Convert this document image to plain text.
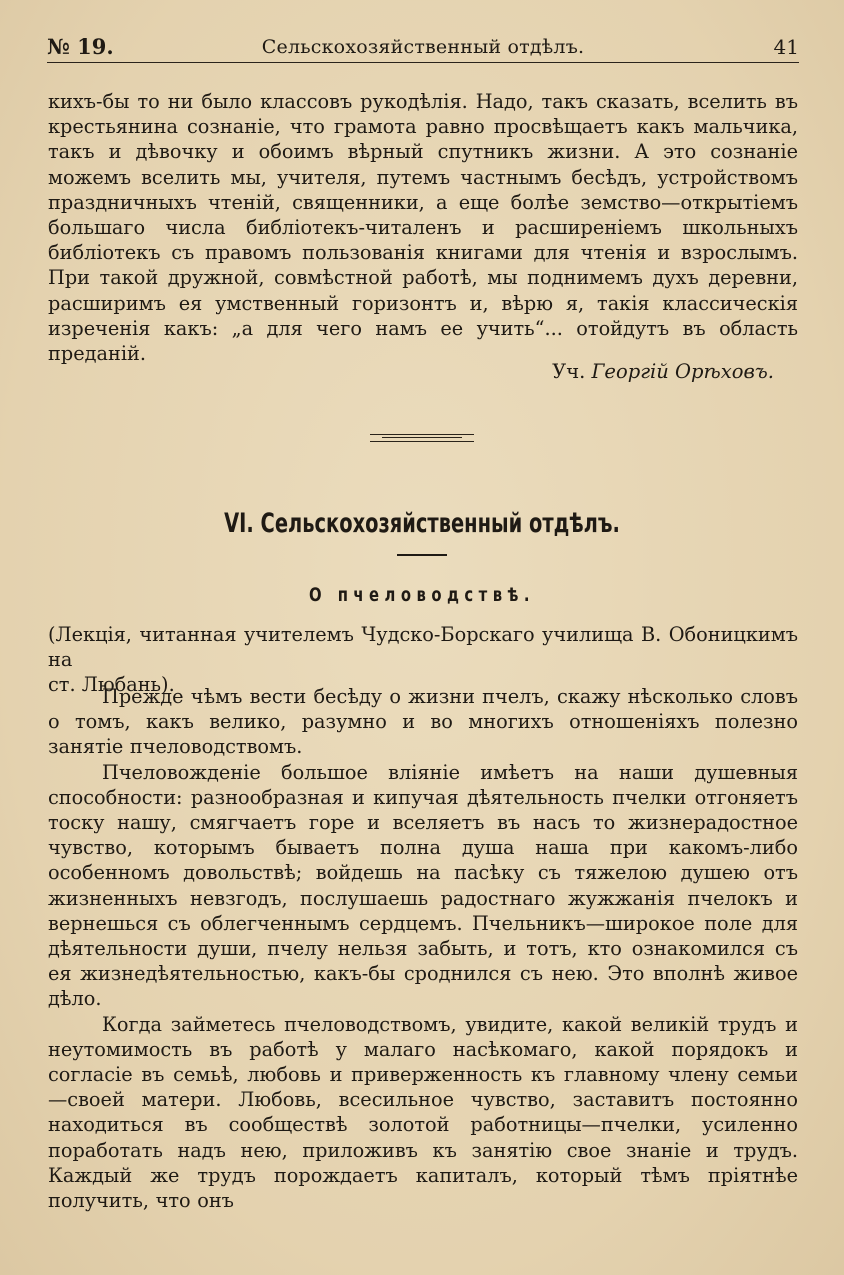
№ 19.	Сельскохозяйственный отдѣлъ.	41

кихъ-бы то ни было классовъ рукодѣлія. Надо, такъ сказать, вселить въ крестьянина сознаніе, что грамота равно просвѣщаетъ какъ мальчика, такъ и дѣвочку и обоимъ вѣрный спутникъ жизни. А это сознаніе можемъ вселить мы, учителя, путемъ частнымъ бесѣдъ, устройствомъ праздничныхъ чтеній, священники, а еще болѣе земство—открытіемъ большаго числа библіотекъ-читаленъ и расширеніемъ школьныхъ библіотекъ съ правомъ пользованія книгами для чтенія и взрослымъ. При такой дружной, совмѣстной работѣ, мы поднимемъ духъ деревни, расширимъ ея умственный горизонтъ и, вѣрю я, такія классическія изреченія какъ: „а для чего намъ ее учить“... отойдутъ въ область преданій.

Уч. Георгій Орѣховъ.
VI. Сельскохозяйственный отдѣлъ.
О пчеловодствѣ.
(Лекція, читанная учителемъ Чудско-Борскаго училища В. Обоницкимъ на
ст. Любань).

Прежде чѣмъ вести бесѣду о жизни пчелъ, скажу нѣсколько словъ о томъ, какъ велико, разумно и во многихъ отношеніяхъ полезно занятіе пчеловодствомъ.

Пчеловожденіе большое вліяніе имѣетъ на наши душевныя способности: разнообразная и кипучая дѣятельность пчелки отгоняетъ тоску нашу, смягчаетъ горе и вселяетъ въ насъ то жизнерадостное чувство, которымъ бываетъ полна душа наша при какомъ-либо особенномъ довольствѣ; войдешь на пасѣку съ тяжелою душею отъ жизненныхъ невзгодъ, послушаешь радостнаго жужжанія пчелокъ и вернешься съ облегченнымъ сердцемъ. Пчельникъ—широкое поле для дѣятельности души, пчелу нельзя забыть, и тотъ, кто ознакомился съ ея жизнедѣятельностью, какъ-бы сроднился съ нею. Это вполнѣ живое дѣло.

Когда займетесь пчеловодствомъ, увидите, какой великій трудъ и неутомимость въ работѣ у малаго насѣкомаго, какой порядокъ и согласіе въ семьѣ, любовь и приверженность къ главному члену семьи—своей матери. Любовь, всесильное чувство, заставитъ постоянно находиться въ сообществѣ золотой работницы—пчелки, усиленно поработать надъ нею, приложивъ къ занятію свое знаніе и трудъ. Каждый же трудъ порождаетъ капиталъ, который тѣмъ пріятнѣе получить, что онъ
